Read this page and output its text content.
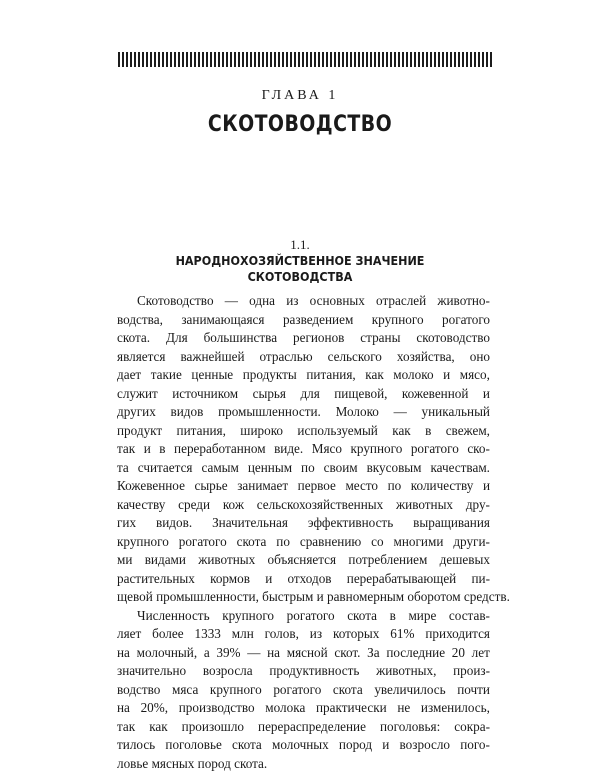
ГЛАВА 1
СКОТОВОДСТВО
1.1.
НАРОДНОХОЗЯЙСТВЕННОЕ ЗНАЧЕНИЕ
СКОТОВОДСТВА
Скотоводство — одна из основных отраслей животно-
водства, занимающаяся разведением крупного рогатого
скота. Для большинства регионов страны скотоводство
является важнейшей отраслью сельского хозяйства, оно
дает такие ценные продукты питания, как молоко и мясо,
служит источником сырья для пищевой, кожевенной и
других видов промышленности. Молоко — уникальный
продукт питания, широко используемый как в свежем,
так и в переработанном виде. Мясо крупного рогатого ско-
та считается самым ценным по своим вкусовым качествам.
Кожевенное сырье занимает первое место по количеству и
качеству среди кож сельскохозяйственных животных дру-
гих видов. Значительная эффективность выращивания
крупного рогатого скота по сравнению со многими други-
ми видами животных объясняется потреблением дешевых
растительных кормов и отходов перерабатывающей пи-
щевой промышленности, быстрым и равномерным оборотом средств.
Численность крупного рогатого скота в мире состав-
ляет более 1333 млн голов, из которых 61% приходится
на молочный, а 39% — на мясной скот. За последние 20 лет
значительно возросла продуктивность животных, произ-
водство мяса крупного рогатого скота увеличилось почти
на 20%, производство молока практически не изменилось,
так как произошло перераспределение поголовья: сокра-
тилось поголовье скота молочных пород и возросло пого-
ловье мясных пород скота.
